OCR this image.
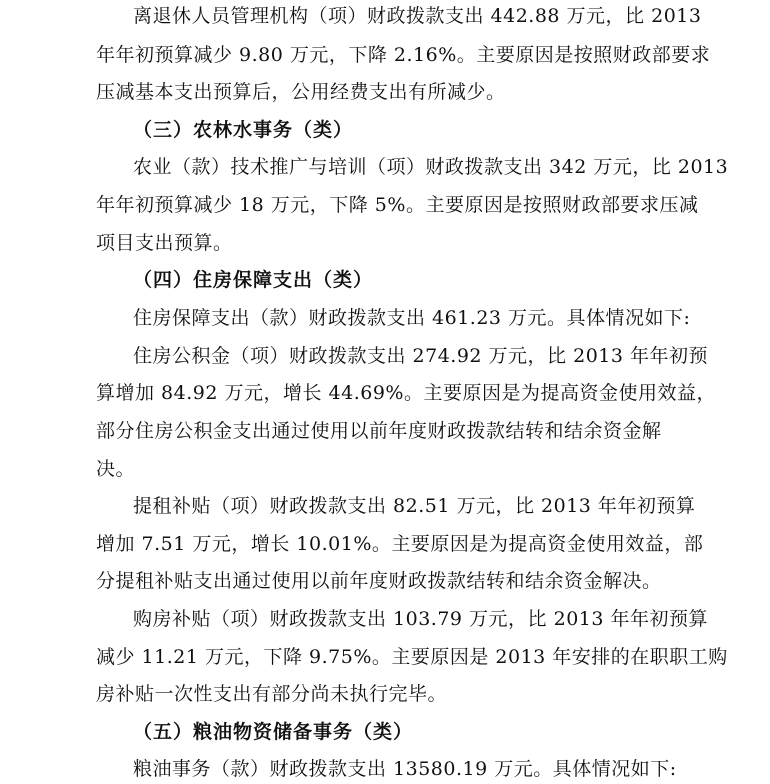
离退休人员管理机构（项）财政拨款支出 442.88 万元，比 2013
年年初预算减少 9.80 万元，下降 2.16%。主要原因是按照财政部要求
压减基本支出预算后，公用经费支出有所减少。
（三）农林水事务（类）
农业（款）技术推广与培训（项）财政拨款支出 342 万元，比 2013
年年初预算减少 18 万元，下降 5%。主要原因是按照财政部要求压减
项目支出预算。
（四）住房保障支出（类）
住房保障支出（款）财政拨款支出 461.23 万元。具体情况如下:
住房公积金（项）财政拨款支出 274.92 万元，比 2013 年年初预
算增加 84.92 万元，增长 44.69%。主要原因是为提高资金使用效益，
部分住房公积金支出通过使用以前年度财政拨款结转和结余资金解
决。
提租补贴（项）财政拨款支出 82.51 万元，比 2013 年年初预算
增加 7.51 万元，增长 10.01%。主要原因是为提高资金使用效益，部
分提租补贴支出通过使用以前年度财政拨款结转和结余资金解决。
购房补贴（项）财政拨款支出 103.79 万元，比 2013 年年初预算
减少 11.21 万元，下降 9.75%。主要原因是 2013 年安排的在职职工购
房补贴一次性支出有部分尚未执行完毕。
（五）粮油物资储备事务（类）
粮油事务（款）财政拨款支出 13580.19 万元。具体情况如下:
